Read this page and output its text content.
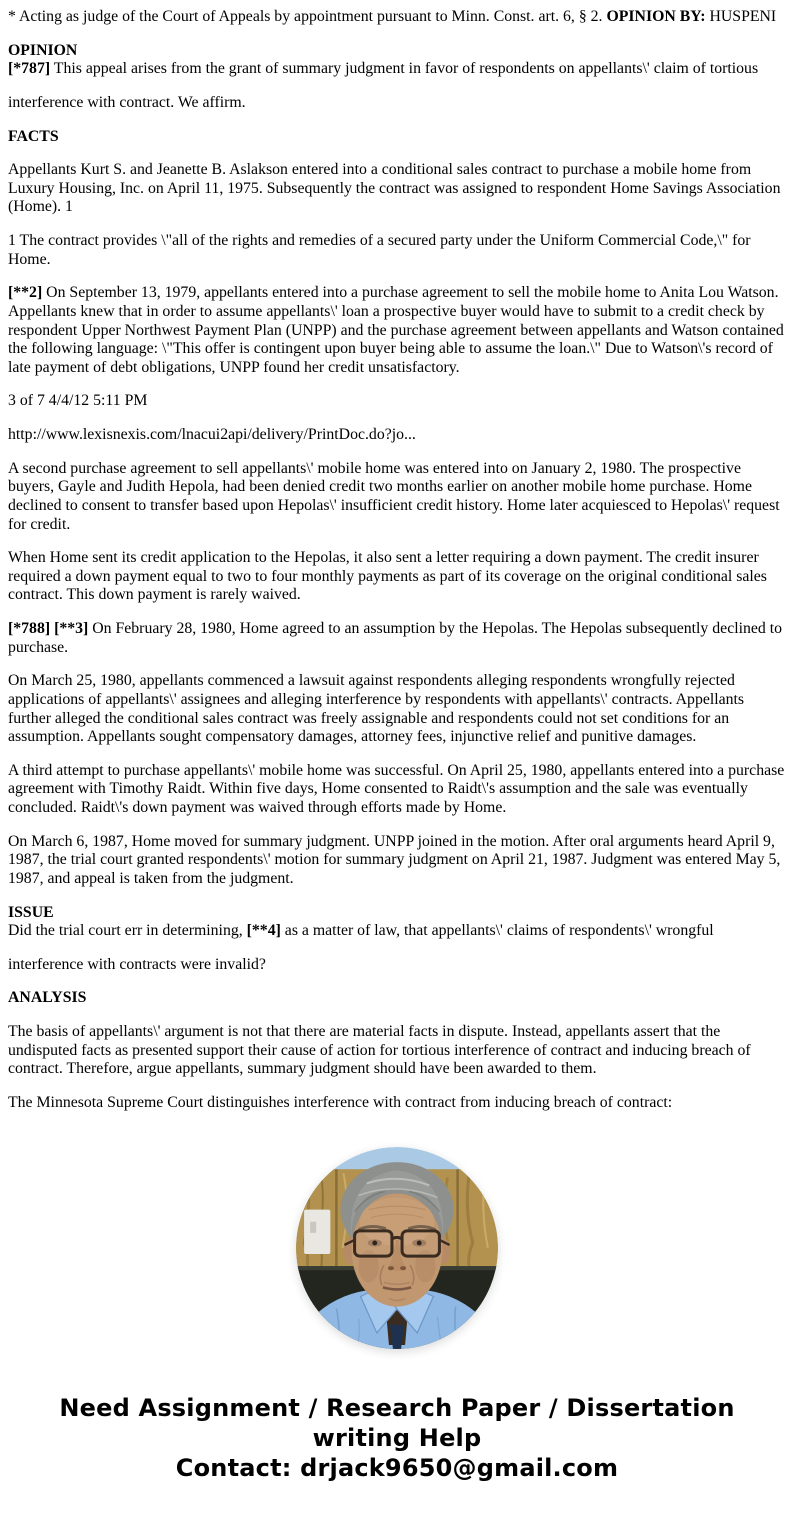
* Acting as judge of the Court of Appeals by appointment pursuant to Minn. Const. art. 6, § 2. OPINION BY: HUSPENI

OPINION
[*787] This appeal arises from the grant of summary judgment in favor of respondents on appellants\' claim of tortious

interference with contract. We affirm.

FACTS

Appellants Kurt S. and Jeanette B. Aslakson entered into a conditional sales contract to purchase a mobile home from Luxury Housing, Inc. on April 11, 1975. Subsequently the contract was assigned to respondent Home Savings Association (Home). 1

1 The contract provides \"all of the rights and remedies of a secured party under the Uniform Commercial Code,\" for Home.

[**2] On September 13, 1979, appellants entered into a purchase agreement to sell the mobile home to Anita Lou Watson. Appellants knew that in order to assume appellants\' loan a prospective buyer would have to submit to a credit check by respondent Upper Northwest Payment Plan (UNPP) and the purchase agreement between appellants and Watson contained the following language: \"This offer is contingent upon buyer being able to assume the loan.\" Due to Watson\'s record of late payment of debt obligations, UNPP found her credit unsatisfactory.

3 of 7 4/4/12 5:11 PM

http://www.lexisnexis.com/lnacui2api/delivery/PrintDoc.do?jo...

A second purchase agreement to sell appellants\' mobile home was entered into on January 2, 1980. The prospective buyers, Gayle and Judith Hepola, had been denied credit two months earlier on another mobile home purchase. Home declined to consent to transfer based upon Hepolas\' insufficient credit history. Home later acquiesced to Hepolas\' request for credit.

When Home sent its credit application to the Hepolas, it also sent a letter requiring a down payment. The credit insurer required a down payment equal to two to four monthly payments as part of its coverage on the original conditional sales contract. This down payment is rarely waived.

[*788] [**3] On February 28, 1980, Home agreed to an assumption by the Hepolas. The Hepolas subsequently declined to purchase.

On March 25, 1980, appellants commenced a lawsuit against respondents alleging respondents wrongfully rejected applications of appellants\' assignees and alleging interference by respondents with appellants\' contracts. Appellants further alleged the conditional sales contract was freely assignable and respondents could not set conditions for an assumption. Appellants sought compensatory damages, attorney fees, injunctive relief and punitive damages.

A third attempt to purchase appellants\' mobile home was successful. On April 25, 1980, appellants entered into a purchase agreement with Timothy Raidt. Within five days, Home consented to Raidt\'s assumption and the sale was eventually concluded. Raidt\'s down payment was waived through efforts made by Home.

On March 6, 1987, Home moved for summary judgment. UNPP joined in the motion. After oral arguments heard April 9, 1987, the trial court granted respondents\' motion for summary judgment on April 21, 1987. Judgment was entered May 5, 1987, and appeal is taken from the judgment.

ISSUE
Did the trial court err in determining, [**4] as a matter of law, that appellants\' claims of respondents\' wrongful

interference with contracts were invalid?

ANALYSIS

The basis of appellants\' argument is not that there are material facts in dispute. Instead, appellants assert that the undisputed facts as presented support their cause of action for tortious interference of contract and inducing breach of contract. Therefore, argue appellants, summary judgment should have been awarded to them.

The Minnesota Supreme Court distinguishes interference with contract from inducing breach of contract:

Need Assignment / Research Paper / Dissertation
writing Help
Contact: drjack9650@gmail.com
